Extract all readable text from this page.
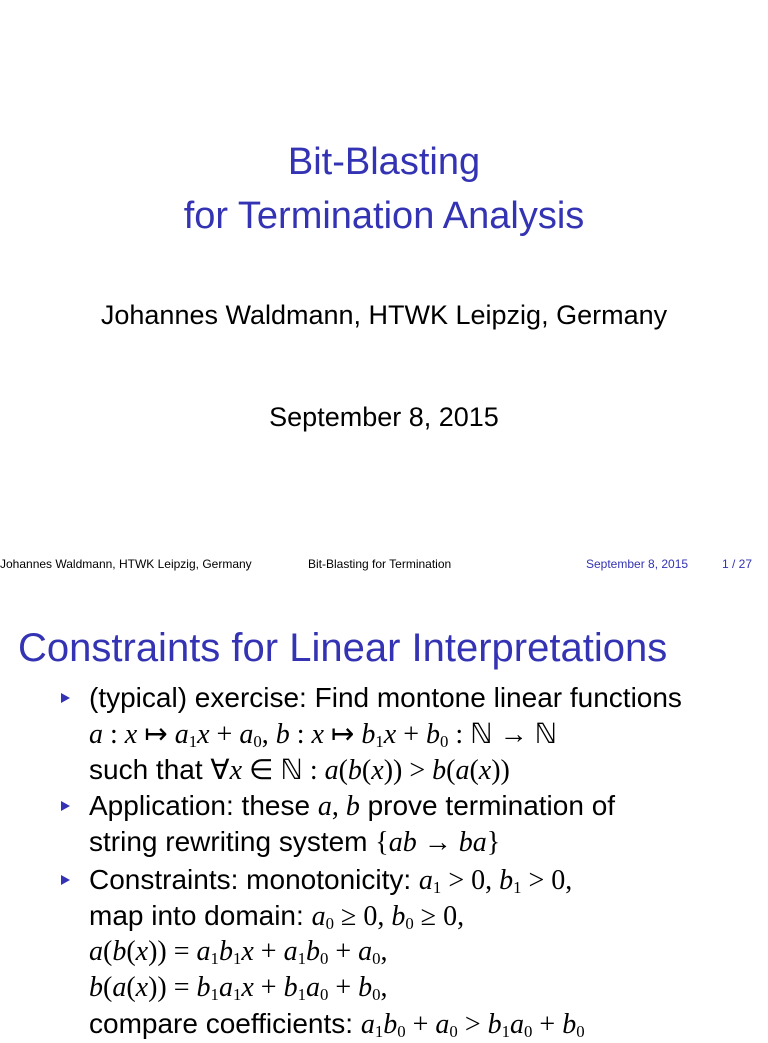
Bit-Blasting
for Termination Analysis
Johannes Waldmann, HTWK Leipzig, Germany
September 8, 2015
Johannes Waldmann, HTWK Leipzig, Germany	Bit-Blasting for Termination	September 8, 2015	1 / 27
Constraints for Linear Interpretations
(typical) exercise: Find montone linear functions
a : x ↦ $a_1x + a_0$, b : x ↦ $b_1x + b_0$ : ℕ → ℕ
such that ∀x ∈ ℕ : a(b(x)) > b(a(x))
Application: these a, b prove termination of
string rewriting system {ab → ba}
Constraints: monotonicity: $a_1 > 0$, $b_1 > 0$,
map into domain: $a_0 \ge 0$, $b_0 \ge 0$,
$a(b(x)) = a_1b_1x + a_1b_0 + a_0$,
$b(a(x)) = b_1a_1x + b_1a_0 + b_0$,
compare coefficients: $a_1b_0 + a_0 > b_1a_0 + b_0$
